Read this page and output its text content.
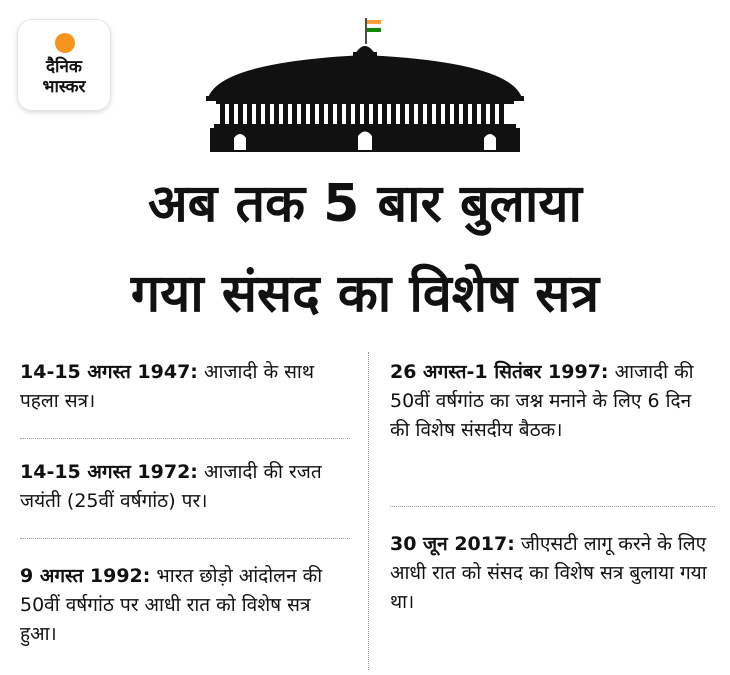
दैनिक
भास्कर
अब तक 5 बार बुलाया
गया संसद का विशेष सत्र
14-15 अगस्त 1947: आजादी के साथ पहला सत्र।
14-15 अगस्त 1972: आजादी की रजत जयंती (25वीं वर्षगांठ) पर।
9 अगस्त 1992: भारत छोड़ो आंदोलन की 50वीं वर्षगांठ पर आधी रात को विशेष सत्र हुआ।
26 अगस्त-1 सितंबर 1997: आजादी की 50वीं वर्षगांठ का जश्न मनाने के लिए 6 दिन की विशेष संसदीय बैठक।
30 जून 2017: जीएसटी लागू करने के लिए आधी रात को संसद का विशेष सत्र बुलाया गया था।
